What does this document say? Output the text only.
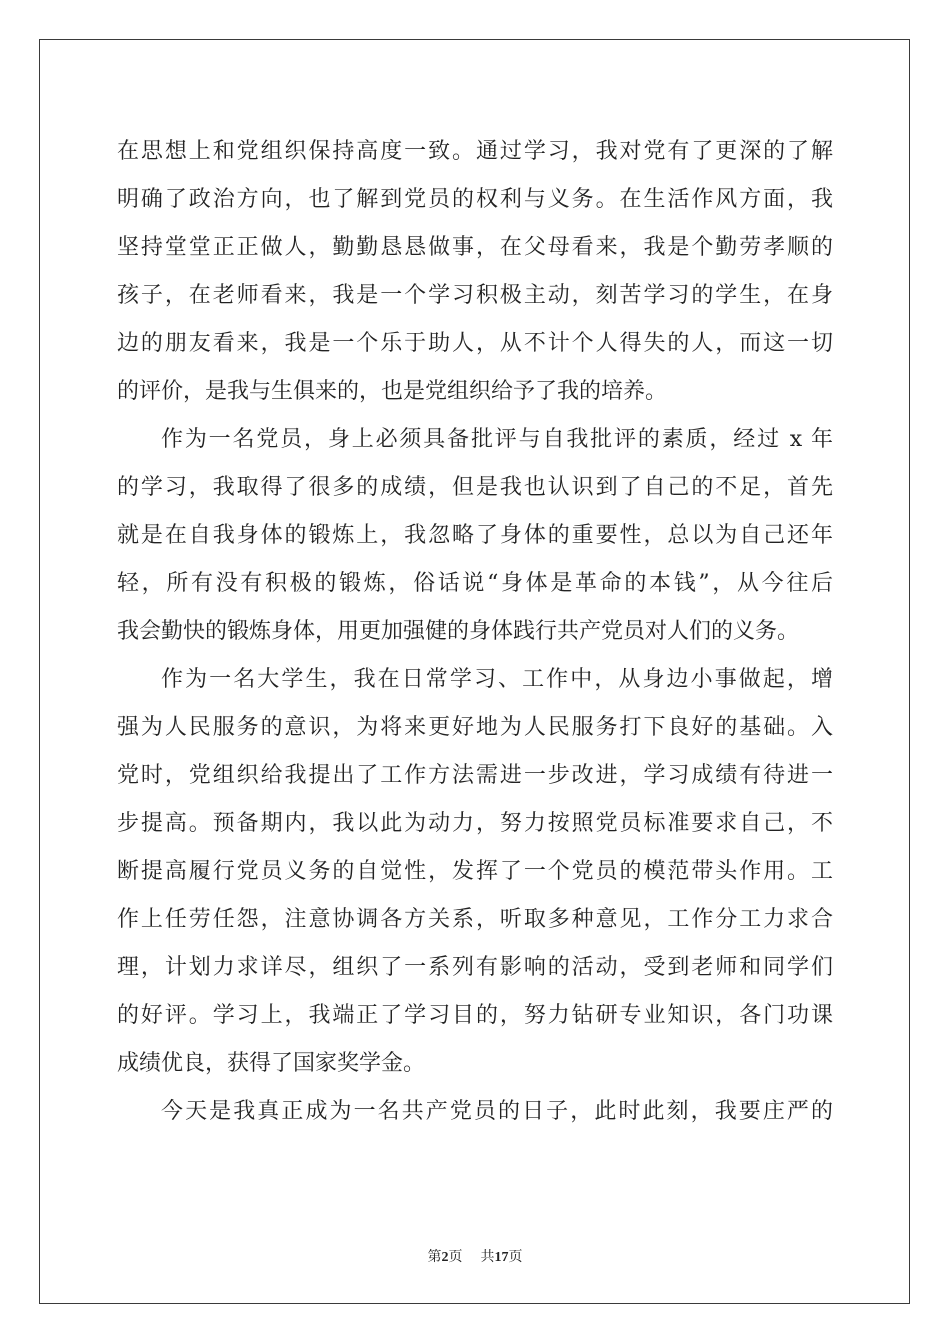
在思想上和党组织保持高度一致。通过学习，我对党有了更深的了解
明确了政治方向，也了解到党员的权利与义务。在生活作风方面，我
坚持堂堂正正做人，勤勤恳恳做事，在父母看来，我是个勤劳孝顺的
孩子，在老师看来，我是一个学习积极主动，刻苦学习的学生，在身
边的朋友看来，我是一个乐于助人，从不计个人得失的人，而这一切
的评价，是我与生俱来的，也是党组织给予了我的培养。
作为一名党员，身上必须具备批评与自我批评的素质，经过 x 年
的学习，我取得了很多的成绩，但是我也认识到了自己的不足，首先
就是在自我身体的锻炼上，我忽略了身体的重要性，总以为自己还年
轻，所有没有积极的锻炼，俗话说“身体是革命的本钱”，从今往后
我会勤快的锻炼身体，用更加强健的身体践行共产党员对人们的义务。
作为一名大学生，我在日常学习、工作中，从身边小事做起，增
强为人民服务的意识，为将来更好地为人民服务打下良好的基础。入
党时，党组织给我提出了工作方法需进一步改进，学习成绩有待进一
步提高。预备期内，我以此为动力，努力按照党员标准要求自己，不
断提高履行党员义务的自觉性，发挥了一个党员的模范带头作用。工
作上任劳任怨，注意协调各方关系，听取多种意见，工作分工力求合
理，计划力求详尽，组织了一系列有影响的活动，受到老师和同学们
的好评。学习上，我端正了学习目的，努力钻研专业知识，各门功课
成绩优良，获得了国家奖学金。
今天是我真正成为一名共产党员的日子，此时此刻，我要庄严的
第2页 共17页
